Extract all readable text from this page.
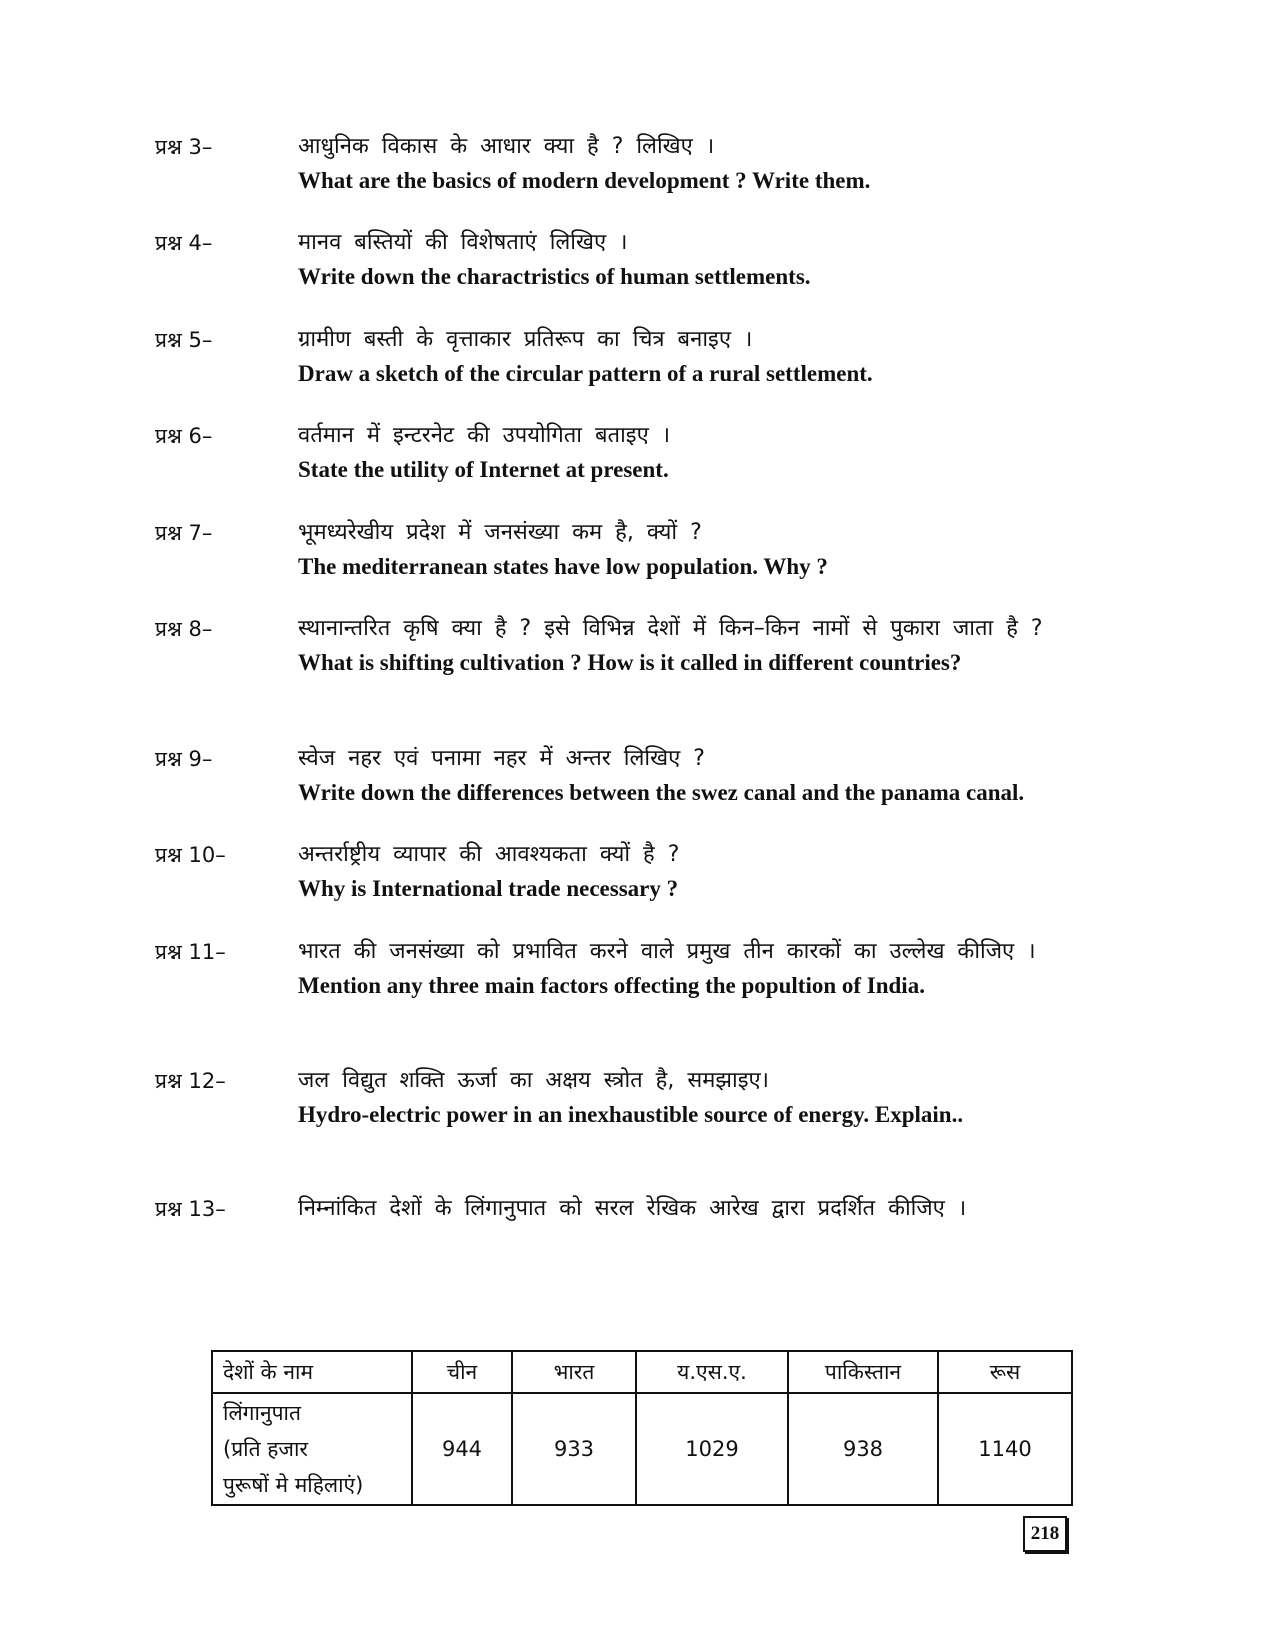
प्रश्न 3–	आधुनिक विकास के आधार क्या है ? लिखिए ।

What are the basics of modern development ? Write them.

प्रश्न 4–	मानव बस्तियों की विशेषताएं लिखिए ।

Write down the charactristics of human settlements.

प्रश्न 5–	ग्रामीण बस्ती के वृत्ताकार प्रतिरूप का चित्र बनाइए ।

Draw a sketch of the circular pattern of a rural settlement.

प्रश्न 6–	वर्तमान में इन्टरनेट की उपयोगिता बताइए ।

State the utility of Internet at present.

प्रश्न 7–	भूमध्यरेखीय प्रदेश में जनसंख्या कम है, क्यों ?

The mediterranean states have low population. Why ?

प्रश्न 8–	स्थानान्तरित कृषि क्या है ? इसे विभिन्न देशों में किन–किन नामों से पुकारा जाता है ?

What is shifting cultivation ? How is it called in different countries?

प्रश्न 9–	स्वेज नहर एवं पनामा नहर में अन्तर लिखिए ?

Write down the differences between the swez canal and the panama canal.

प्रश्न 10–	अन्तर्राष्ट्रीय व्यापार की आवश्यकता क्यों है ?

Why is International trade necessary ?

प्रश्न 11–	भारत की जनसंख्या को प्रभावित करने वाले प्रमुख तीन कारकों का उल्लेख कीजिए ।

Mention any three main factors offecting the popultion of India.

प्रश्न 12–	जल विद्युत शक्ति ऊर्जा का अक्षय स्त्रोत है, समझाइए।

Hydro-electric power in an inexhaustible source of energy. Explain..

प्रश्न 13–	निम्नांकित देशों के लिंगानुपात को सरल रेखिक आरेख द्वारा प्रदर्शित कीजिए ।

देशों के नाम	चीन	भारत	य.एस.ए.	पाकिस्तान	रूस

लिंगानुपात
(प्रति हजार
पुरूषों मे महिलाएं)	944	933	1029	938	1140
218
